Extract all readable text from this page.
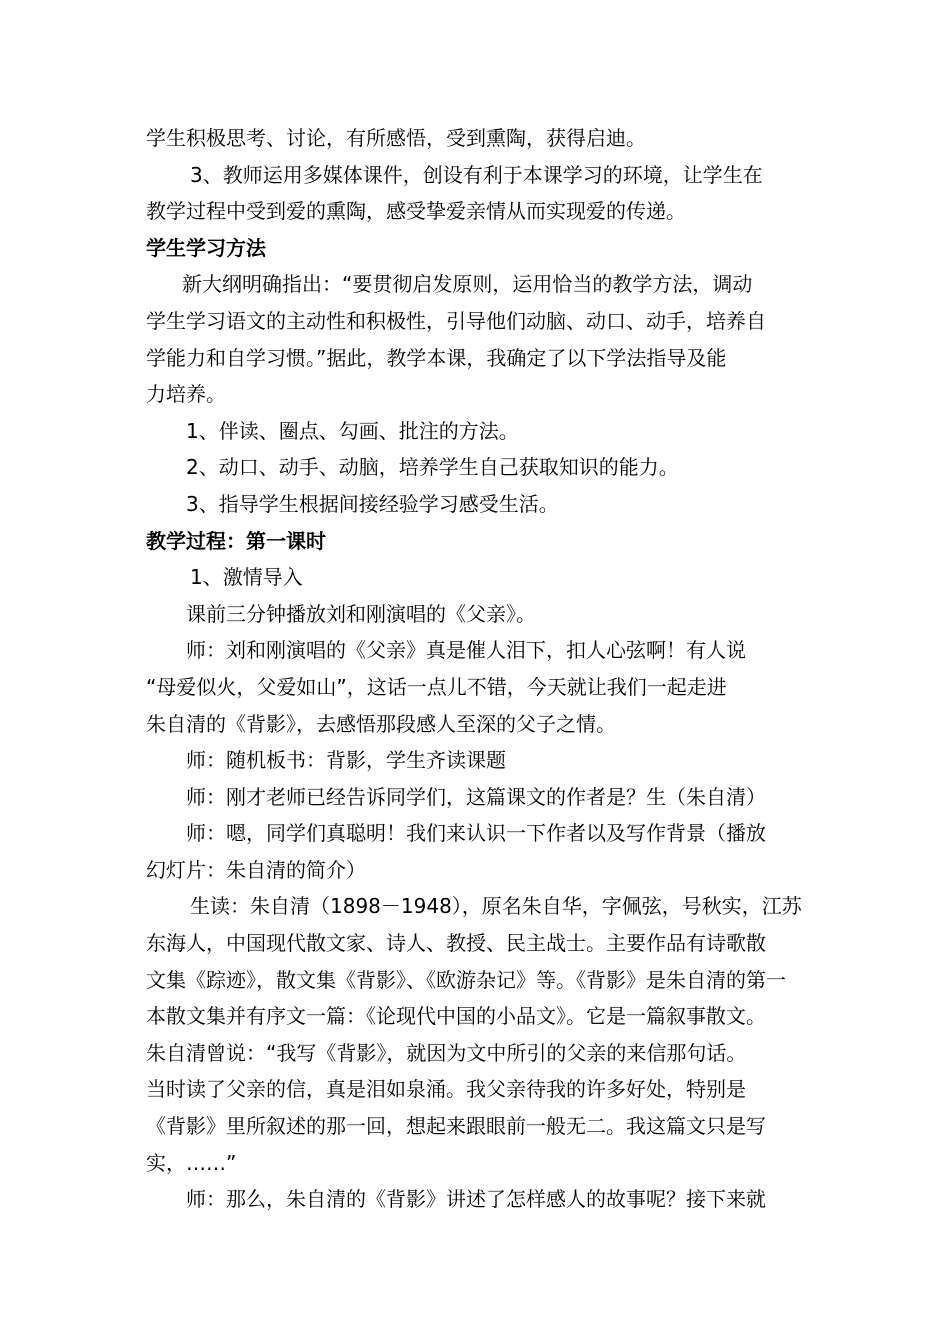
学生积极思考、讨论，有所感悟，受到熏陶，获得启迪。
3、教师运用多媒体课件，创设有利于本课学习的环境，让学生在
教学过程中受到爱的熏陶，感受挚爱亲情从而实现爱的传递。
学生学习方法
新大纲明确指出：“要贯彻启发原则，运用恰当的教学方法，调动
学生学习语文的主动性和积极性，引导他们动脑、动口、动手，培养自
学能力和自学习惯。”据此，教学本课，我确定了以下学法指导及能
力培养。
1、伴读、圈点、勾画、批注的方法。
2、动口、动手、动脑，培养学生自己获取知识的能力。
3、指导学生根据间接经验学习感受生活。
教学过程：第一课时
1、激情导入
课前三分钟播放刘和刚演唱的《父亲》。
师：刘和刚演唱的《父亲》真是催人泪下，扣人心弦啊！有人说
“母爱似火，父爱如山”，这话一点儿不错，今天就让我们一起走进
朱自清的《背影》，去感悟那段感人至深的父子之情。
师：随机板书：背影，学生齐读课题
师：刚才老师已经告诉同学们，这篇课文的作者是？生（朱自清）
师：嗯，同学们真聪明！我们来认识一下作者以及写作背景（播放
幻灯片：朱自清的简介）
生读：朱自清（1898－1948），原名朱自华，字佩弦，号秋实，江苏
东海人，中国现代散文家、诗人、教授、民主战士。主要作品有诗歌散
文集《踪迹》，散文集《背影》、《欧游杂记》等。《背影》是朱自清的第一
本散文集并有序文一篇：《论现代中国的小品文》。它是一篇叙事散文。
朱自清曾说：“我写《背影》，就因为文中所引的父亲的来信那句话。
当时读了父亲的信，真是泪如泉涌。我父亲待我的许多好处，特别是
《背影》里所叙述的那一回，想起来跟眼前一般无二。我这篇文只是写
实，……”
师：那么，朱自清的《背影》讲述了怎样感人的故事呢？接下来就
